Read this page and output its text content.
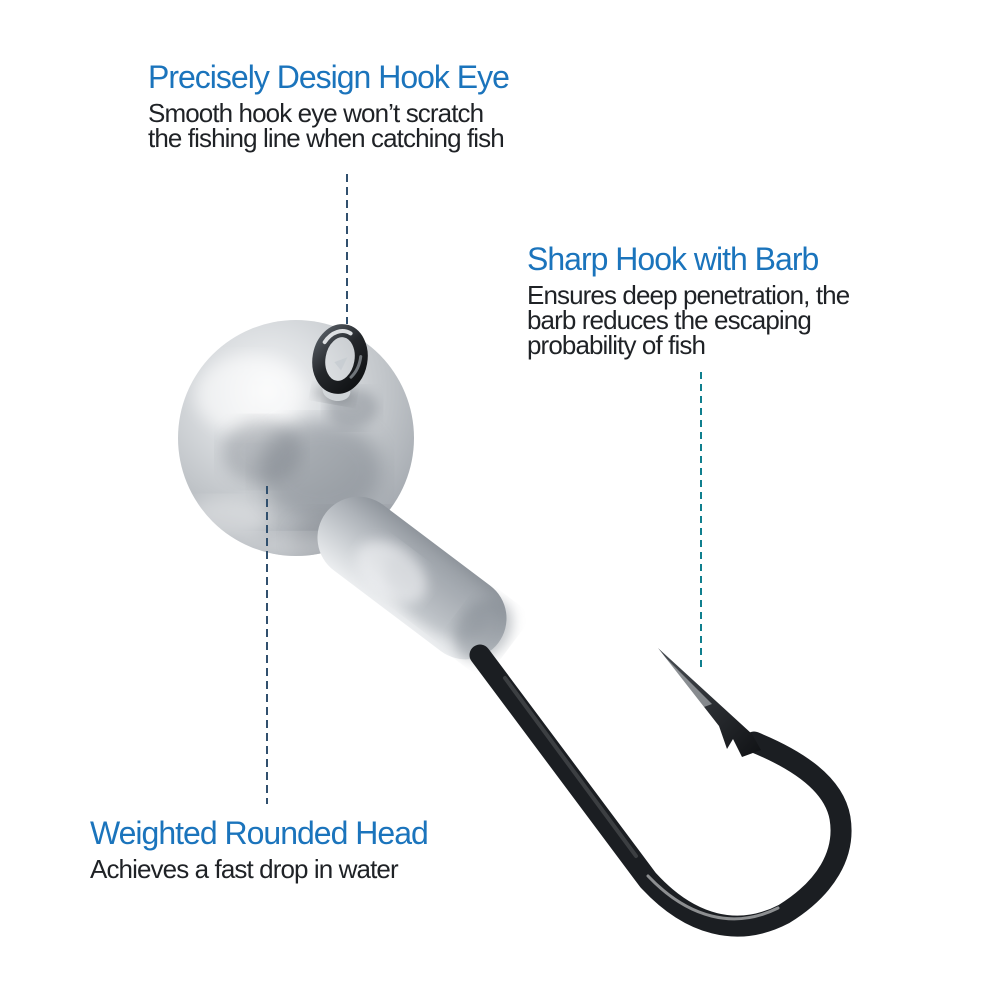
Precisely Design Hook Eye
Smooth hook eye won’t scratch
the fishing line when catching fish
Sharp Hook with Barb
Ensures deep penetration, the
barb reduces the escaping
probability of fish
Weighted Rounded Head
Achieves a fast drop in water
